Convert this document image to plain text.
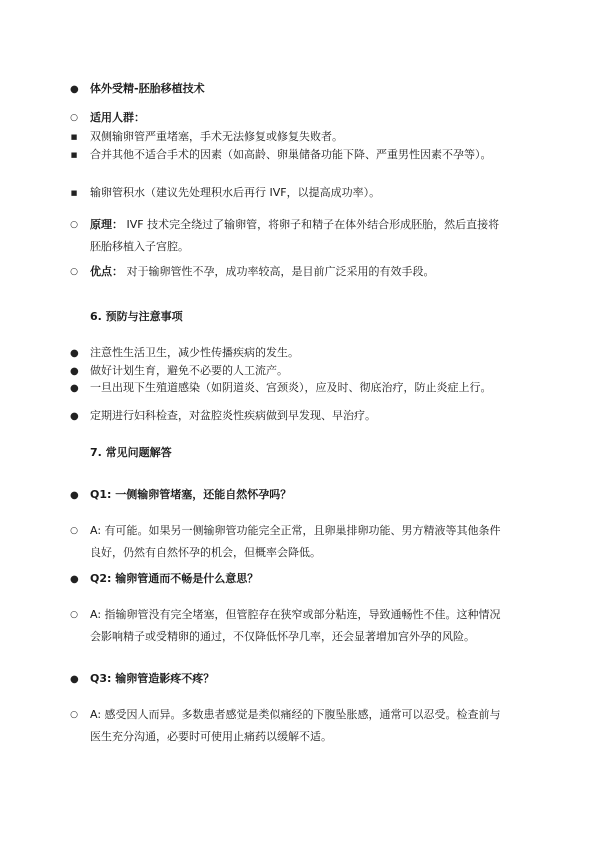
● 体外受精-胚胎移植技术
○ 适用人群：
■ 双侧输卵管严重堵塞，手术无法修复或修复失败者。
■ 合并其他不适合手术的因素（如高龄、卵巢储备功能下降、严重男性因素不孕等）。
■ 输卵管积水（建议先处理积水后再行 IVF，以提高成功率）。
○ 原理： IVF 技术完全绕过了输卵管，将卵子和精子在体外结合形成胚胎，然后直接将胚胎移植入子宫腔。
○ 优点： 对于输卵管性不孕，成功率较高，是目前广泛采用的有效手段。
6. 预防与注意事项
● 注意性生活卫生，减少性传播疾病的发生。
● 做好计划生育，避免不必要的人工流产。
● 一旦出现下生殖道感染（如阴道炎、宫颈炎），应及时、彻底治疗，防止炎症上行。
● 定期进行妇科检查，对盆腔炎性疾病做到早发现、早治疗。
7. 常见问题解答
● Q1: 一侧输卵管堵塞，还能自然怀孕吗？
○ A: 有可能。如果另一侧输卵管功能完全正常，且卵巢排卵功能、男方精液等其他条件良好，仍然有自然怀孕的机会，但概率会降低。
● Q2: 输卵管通而不畅是什么意思？
○ A: 指输卵管没有完全堵塞，但管腔存在狭窄或部分粘连，导致通畅性不佳。这种情况会影响精子或受精卵的通过，不仅降低怀孕几率，还会显著增加宫外孕的风险。
● Q3: 输卵管造影疼不疼？
○ A: 感受因人而异。多数患者感觉是类似痛经的下腹坠胀感，通常可以忍受。检查前与医生充分沟通，必要时可使用止痛药以缓解不适。
